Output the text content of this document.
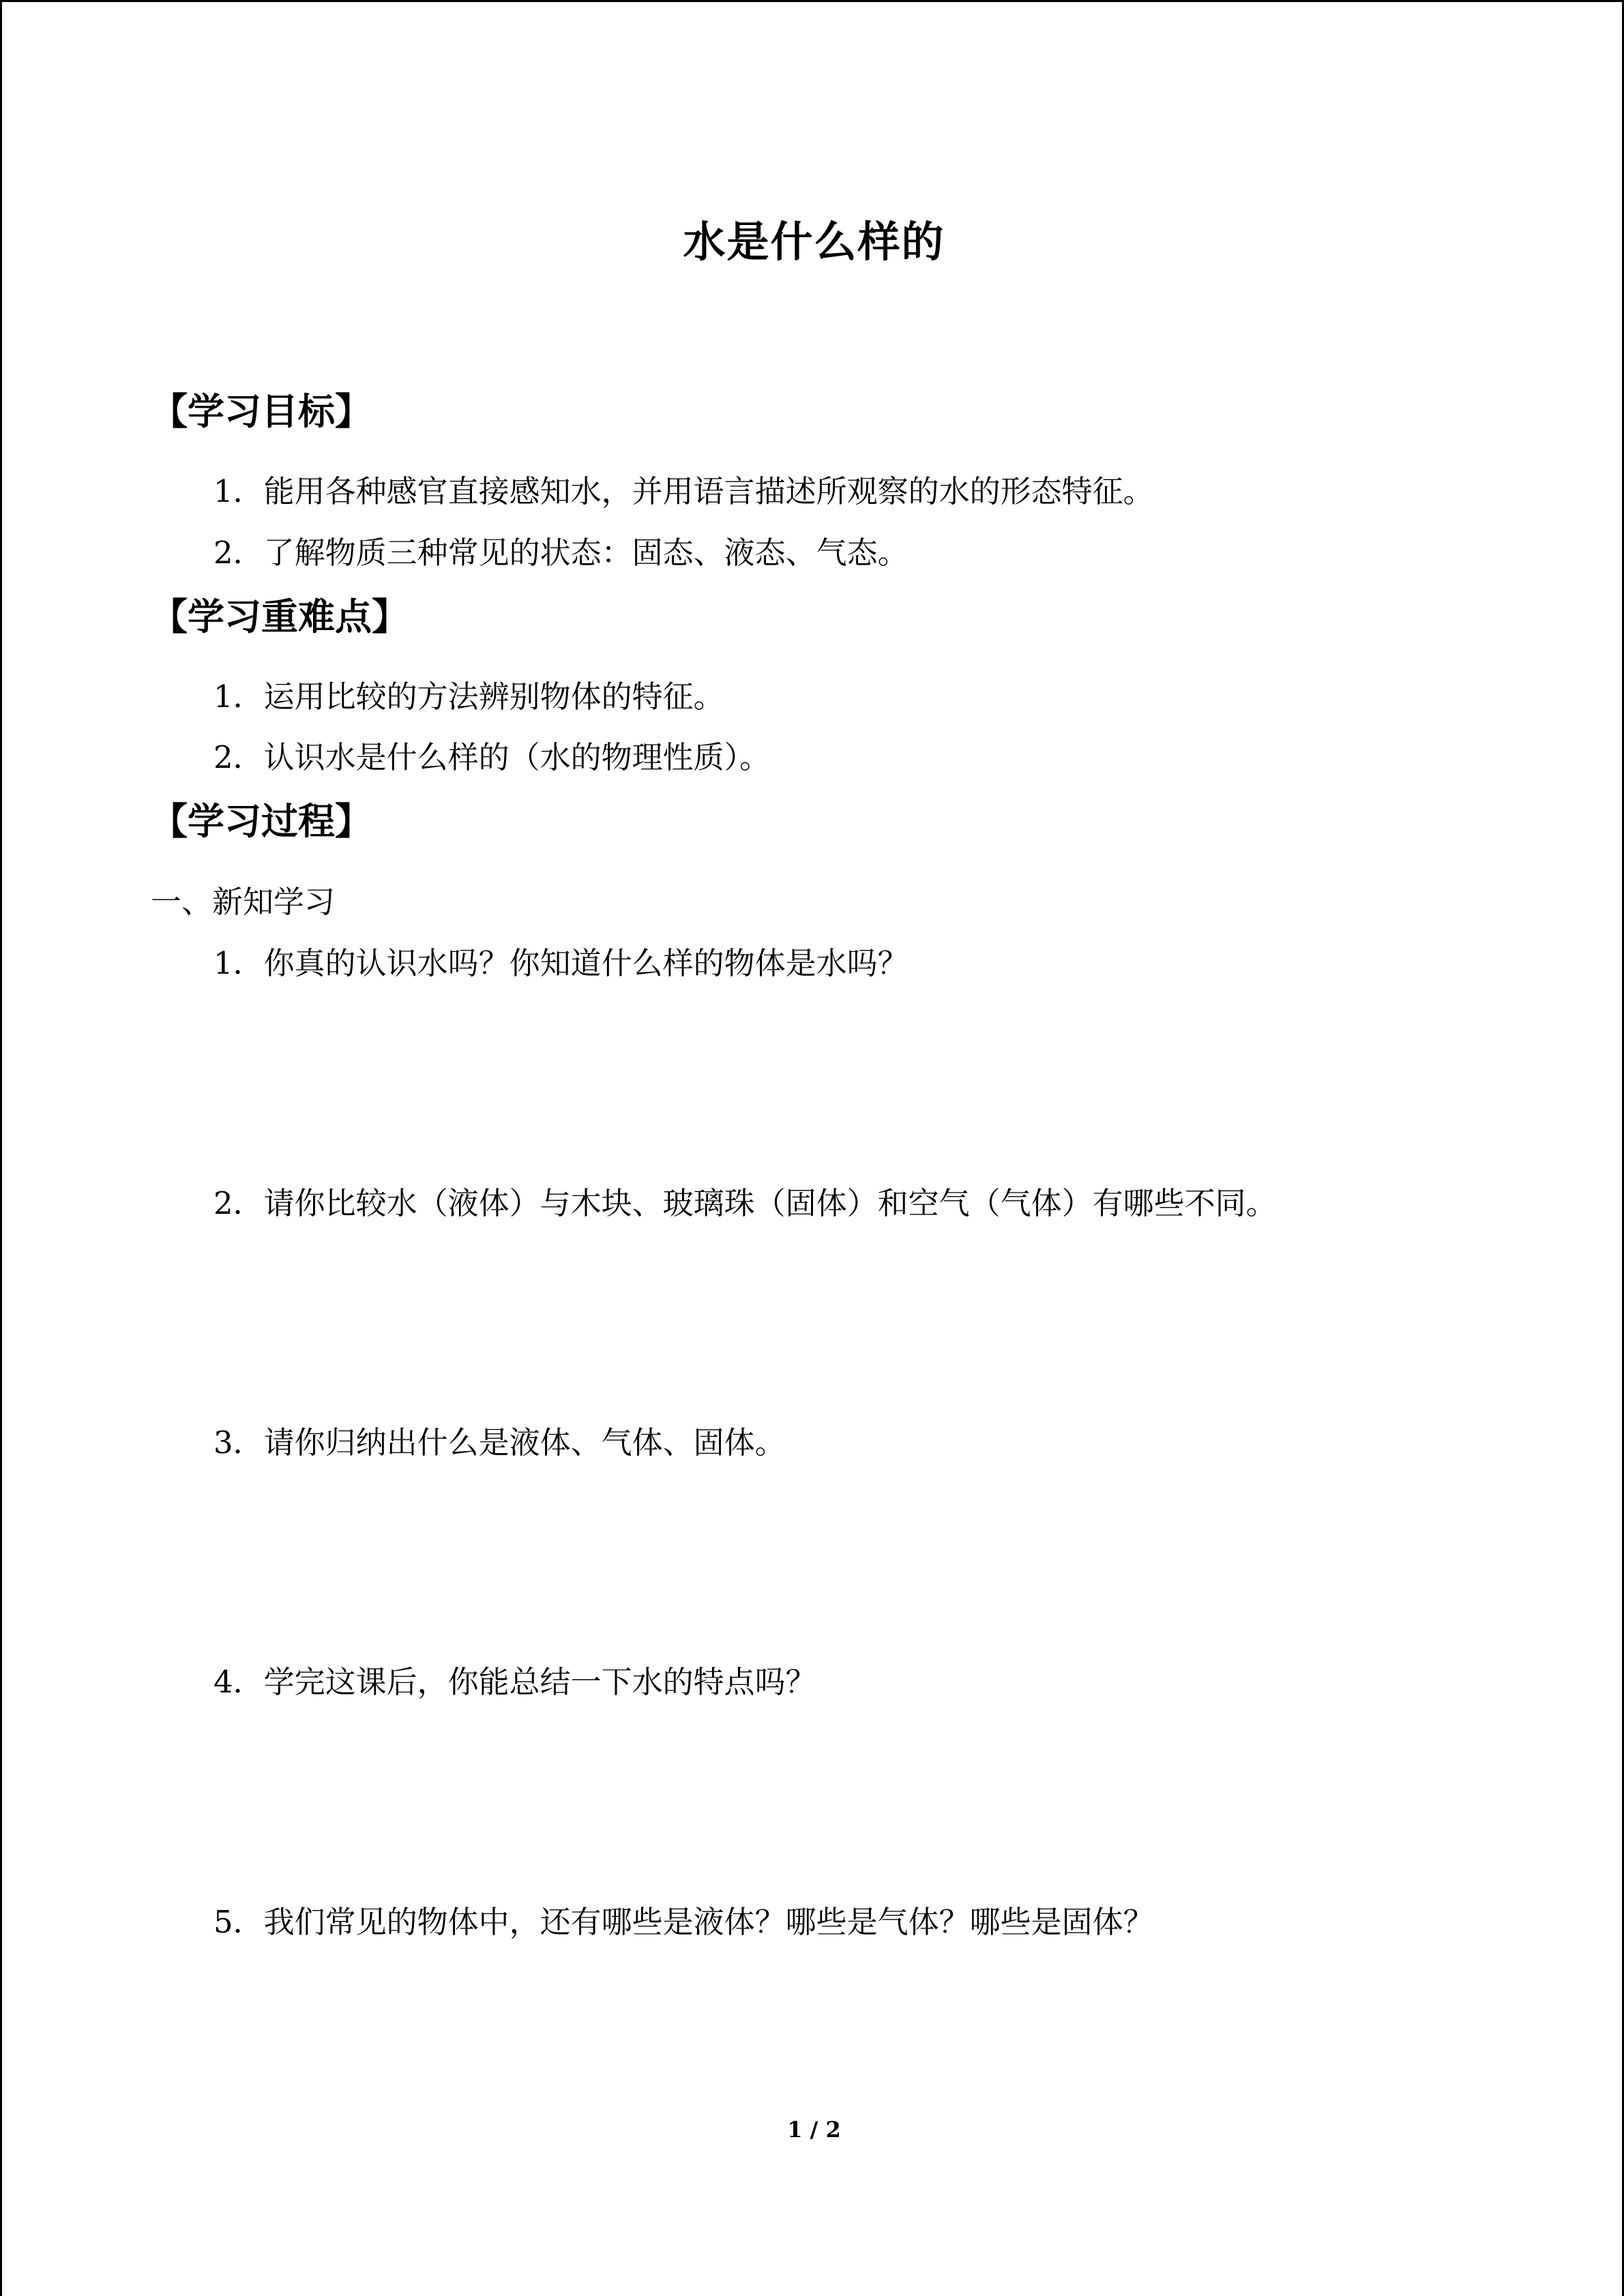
水是什么样的
【学习目标】
1．能用各种感官直接感知水，并用语言描述所观察的水的形态特征。
2．了解物质三种常见的状态：固态、液态、气态。
【学习重难点】
1．运用比较的方法辨别物体的特征。
2．认识水是什么样的（水的物理性质）。
【学习过程】
一、新知学习
1．你真的认识水吗？你知道什么样的物体是水吗？
2．请你比较水（液体）与木块、玻璃珠（固体）和空气（气体）有哪些不同。
3．请你归纳出什么是液体、气体、固体。
4．学完这课后，你能总结一下水的特点吗？
5．我们常见的物体中，还有哪些是液体？哪些是气体？哪些是固体？
1 / 2
